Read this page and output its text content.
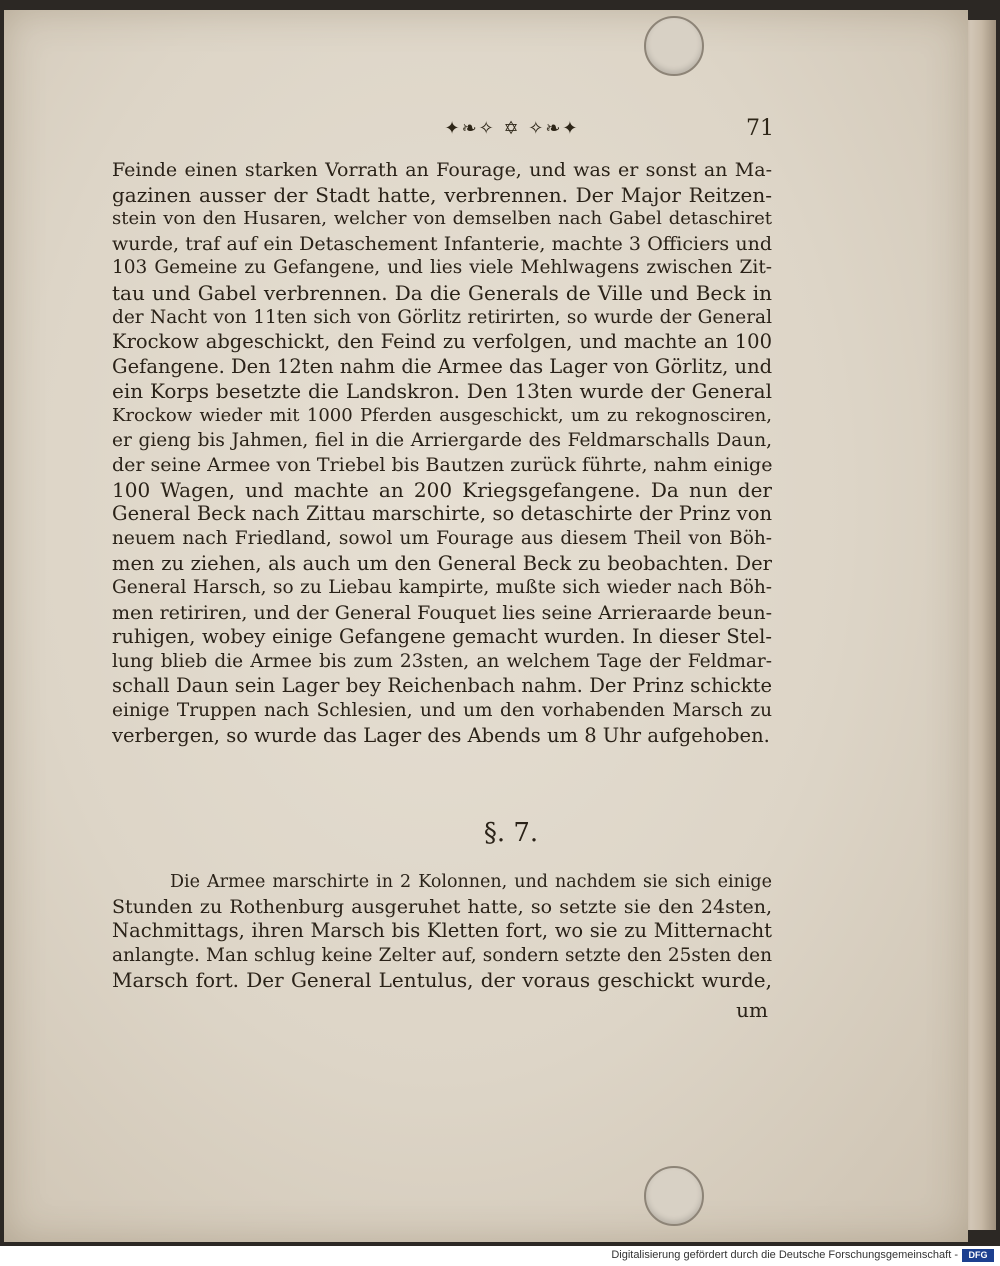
✦❧✧ ✡ ✧❧✦	71
Feinde einen starken Vorrath an Fourage, und was er sonst an Ma-
gazinen ausser der Stadt hatte, verbrennen. Der Major Reitzen-
stein von den Husaren, welcher von demselben nach Gabel detaschiret
wurde, traf auf ein Detaschement Infanterie, machte 3 Officiers und
103 Gemeine zu Gefangene, und lies viele Mehlwagens zwischen Zit-
tau und Gabel verbrennen. Da die Generals de Ville und Beck in
der Nacht von 11ten sich von Görlitz retirirten, so wurde der General
Krockow abgeschickt, den Feind zu verfolgen, und machte an 100
Gefangene. Den 12ten nahm die Armee das Lager von Görlitz, und
ein Korps besetzte die Landskron. Den 13ten wurde der General
Krockow wieder mit 1000 Pferden ausgeschickt, um zu rekognosciren,
er gieng bis Jahmen, fiel in die Arriergarde des Feldmarschalls Daun,
der seine Armee von Triebel bis Bautzen zurück führte, nahm einige
100 Wagen, und machte an 200 Kriegsgefangene. Da nun der
General Beck nach Zittau marschirte, so detaschirte der Prinz von
neuem nach Friedland, sowol um Fourage aus diesem Theil von Böh-
men zu ziehen, als auch um den General Beck zu beobachten. Der
General Harsch, so zu Liebau kampirte, mußte sich wieder nach Böh-
men retiriren, und der General Fouquet lies seine Arrieraarde beun-
ruhigen, wobey einige Gefangene gemacht wurden. In dieser Stel-
lung blieb die Armee bis zum 23sten, an welchem Tage der Feldmar-
schall Daun sein Lager bey Reichenbach nahm. Der Prinz schickte
einige Truppen nach Schlesien, und um den vorhabenden Marsch zu
verbergen, so wurde das Lager des Abends um 8 Uhr aufgehoben.
§. 7.
Die Armee marschirte in 2 Kolonnen, und nachdem sie sich einige
Stunden zu Rothenburg ausgeruhet hatte, so setzte sie den 24sten,
Nachmittags, ihren Marsch bis Kletten fort, wo sie zu Mitternacht
anlangte. Man schlug keine Zelter auf, sondern setzte den 25sten den
Marsch fort. Der General Lentulus, der voraus geschickt wurde,
um
Digitalisierung gefördert durch die Deutsche Forschungsgemeinschaft -	DFG
